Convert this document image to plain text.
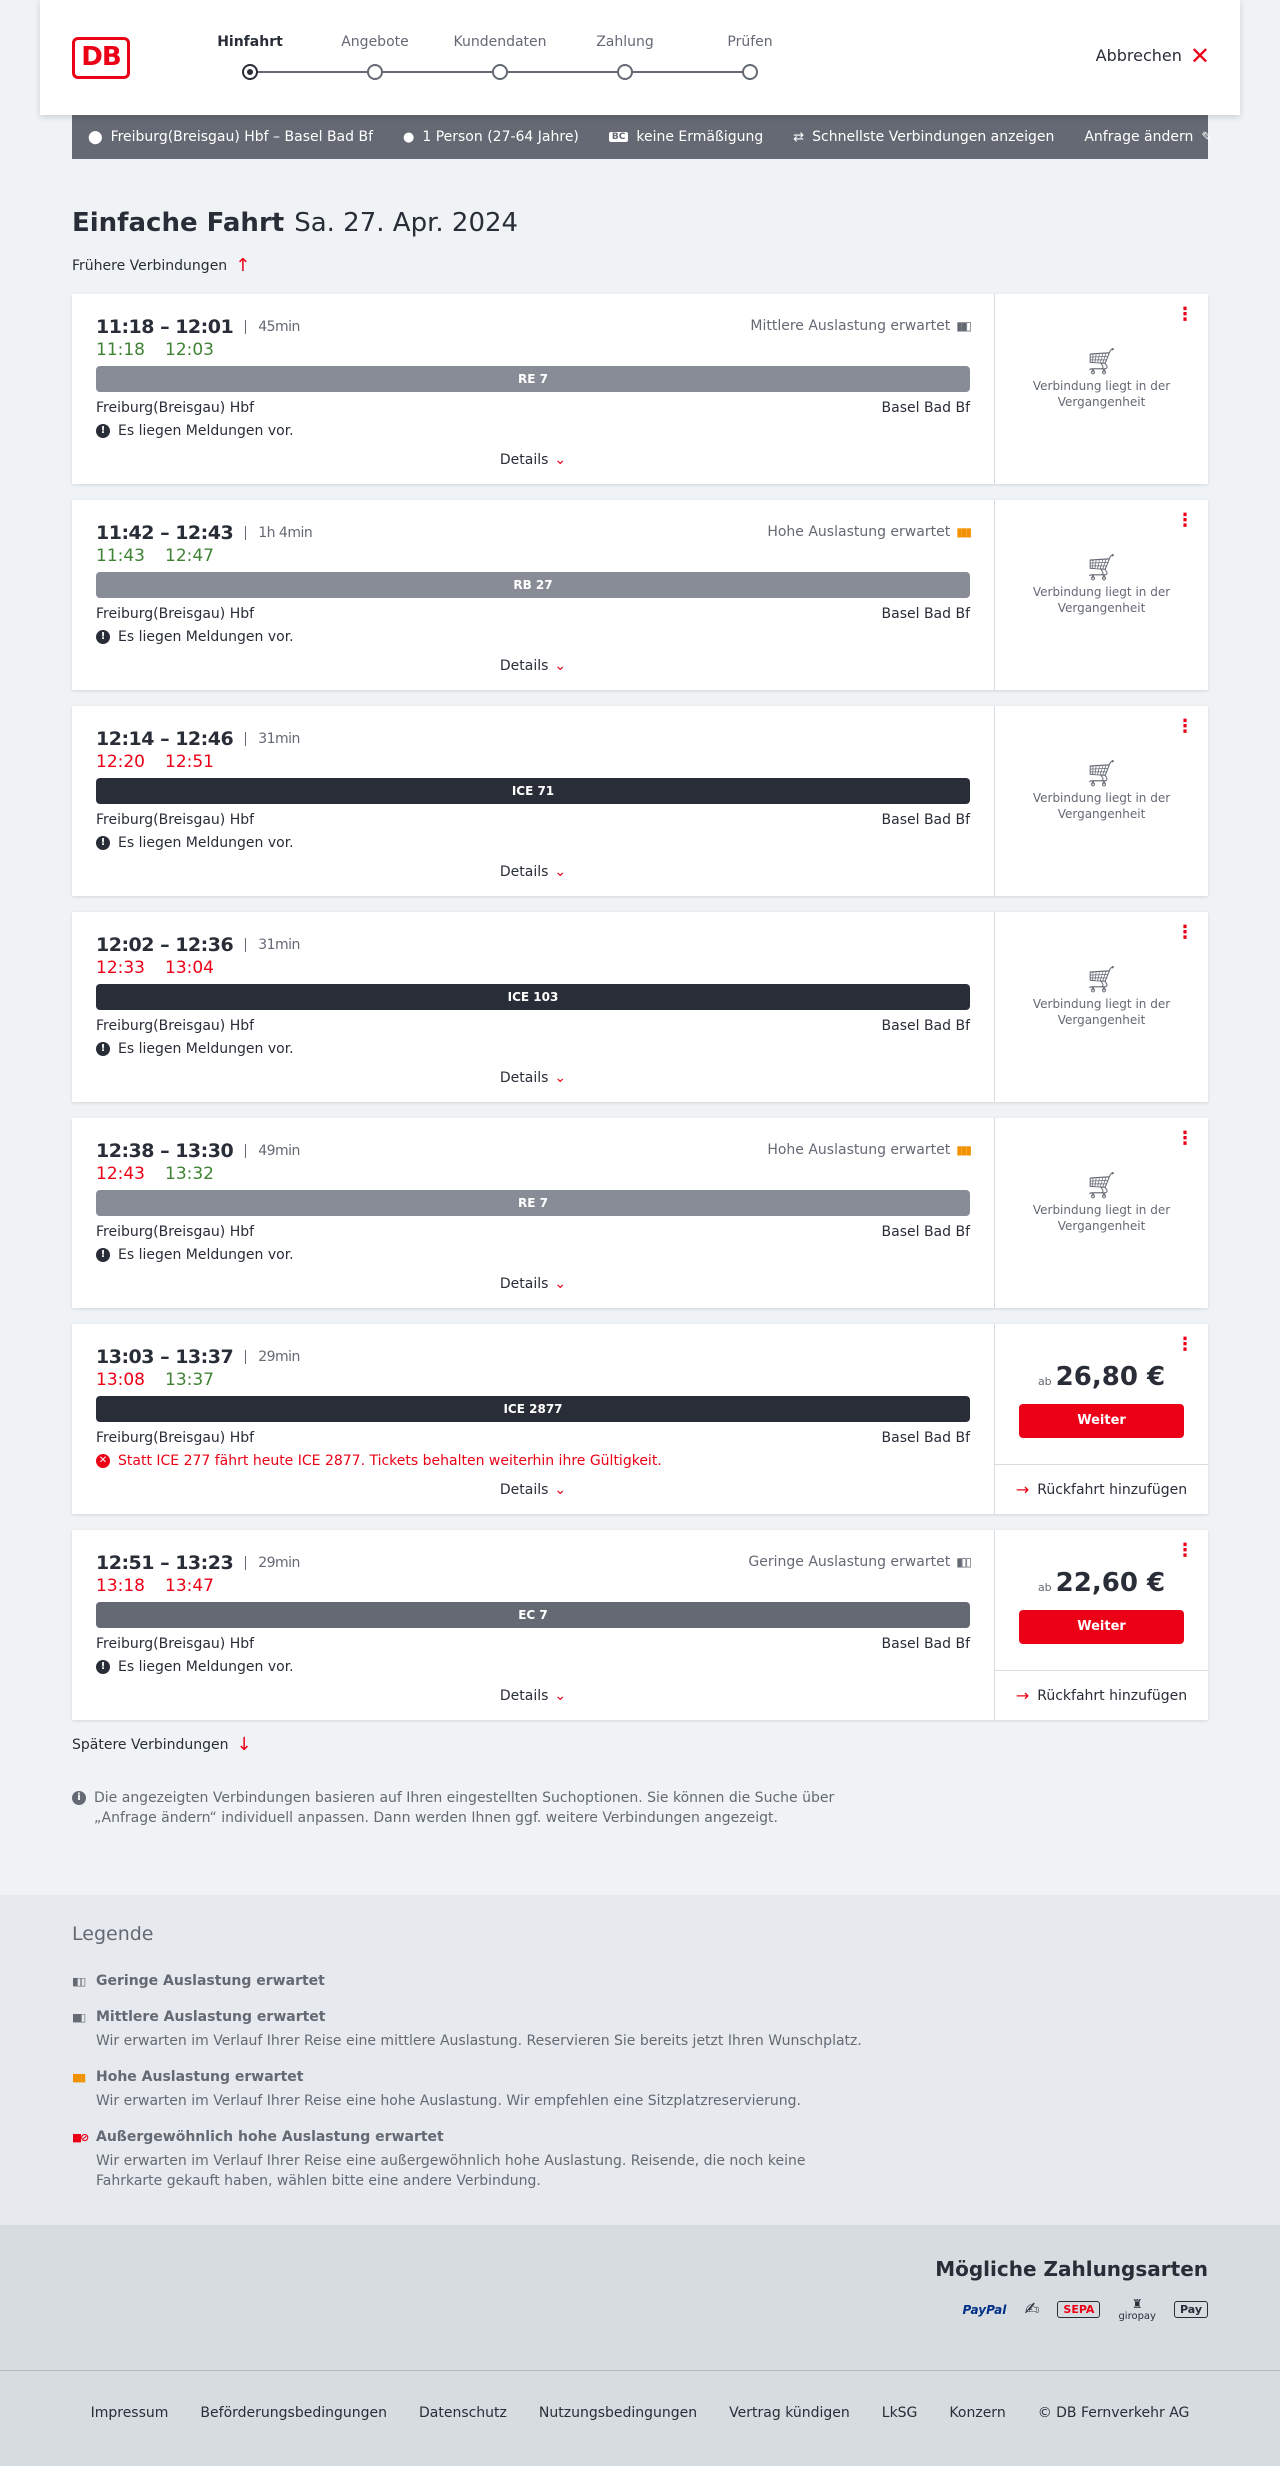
DB	Hinfahrt	Angebote	Kundendaten	Zahlung	Prüfen
Abbrechen ✕
⬤ Freiburg(Breisgau) Hbf – Basel Bad Bf ● 1 Person (27-64 Jahre)	BC keine Ermäßigung ⇄ Schnellste Verbindungen anzeigen Anfrage ändern ✎
Einfache Fahrt Sa. 27. Apr. 2024
Frühere Verbindungen ↑
11:18 – 12:01	45min
11:18 12:03
Mittlere Auslastung erwartet ▮▮▯
RE 7
Freiburg(Breisgau) Hbf	Basel Bad Bf
! Es liegen Meldungen vor.
Details ⌄
⋮
🛒︎
Verbindung liegt in der Vergangenheit
11:42 – 12:43	1h 4min
11:43 12:47
Hohe Auslastung erwartet ▮▮▮
RB 27
Freiburg(Breisgau) Hbf	Basel Bad Bf
! Es liegen Meldungen vor.
Details ⌄
⋮
🛒︎
Verbindung liegt in der Vergangenheit
12:14 – 12:46	31min
12:20 12:51
ICE 71
Freiburg(Breisgau) Hbf	Basel Bad Bf
! Es liegen Meldungen vor.
Details ⌄
⋮
🛒︎
Verbindung liegt in der Vergangenheit
12:02 – 12:36	31min
12:33 13:04
ICE 103
Freiburg(Breisgau) Hbf	Basel Bad Bf
! Es liegen Meldungen vor.
Details ⌄
⋮
🛒︎
Verbindung liegt in der Vergangenheit
12:38 – 13:30	49min
12:43 13:32
Hohe Auslastung erwartet ▮▮▮
RE 7
Freiburg(Breisgau) Hbf	Basel Bad Bf
! Es liegen Meldungen vor.
Details ⌄
⋮
🛒︎
Verbindung liegt in der Vergangenheit
13:03 – 13:37	29min
13:08 13:37
ICE 2877
Freiburg(Breisgau) Hbf	Basel Bad Bf
✕ Statt ICE 277 fährt heute ICE 2877. Tickets behalten weiterhin ihre Gültigkeit.
Details ⌄
⋮
ab 26,80 €
Weiter
→ Rückfahrt hinzufügen
12:51 – 13:23	29min
13:18 13:47
Geringe Auslastung erwartet ▮▯▯
EC 7
Freiburg(Breisgau) Hbf	Basel Bad Bf
! Es liegen Meldungen vor.
Details ⌄
⋮
ab 22,60 €
Weiter
→ Rückfahrt hinzufügen
Spätere Verbindungen ↓
i Die angezeigten Verbindungen basieren auf Ihren eingestellten Suchoptionen. Sie können die Suche über „Anfrage ändern“ individuell anpassen. Dann werden Ihnen ggf. weitere Verbindungen angezeigt.
Legende
▮▯▯ Geringe Auslastung erwartet
▮▮▯ Mittlere Auslastung erwartet
Wir erwarten im Verlauf Ihrer Reise eine mittlere Auslastung. Reservieren Sie bereits jetzt Ihren Wunschplatz.
▮▮▮ Hohe Auslastung erwartet
Wir erwarten im Verlauf Ihrer Reise eine hohe Auslastung. Wir empfehlen eine Sitzplatzreservierung.
▮▮⊘ Außergewöhnlich hohe Auslastung erwartet
Wir erwarten im Verlauf Ihrer Reise eine außergewöhnlich hohe Auslastung. Reisende, die noch keine Fahrkarte gekauft haben, wählen bitte eine andere Verbindung.
Mögliche Zahlungsarten
PayPal ✍	SEPA	♜
giropay
Pay
Impressum Beförderungsbedingungen Datenschutz Nutzungsbedingungen Vertrag kündigen LkSG Konzern © DB Fernverkehr AG
